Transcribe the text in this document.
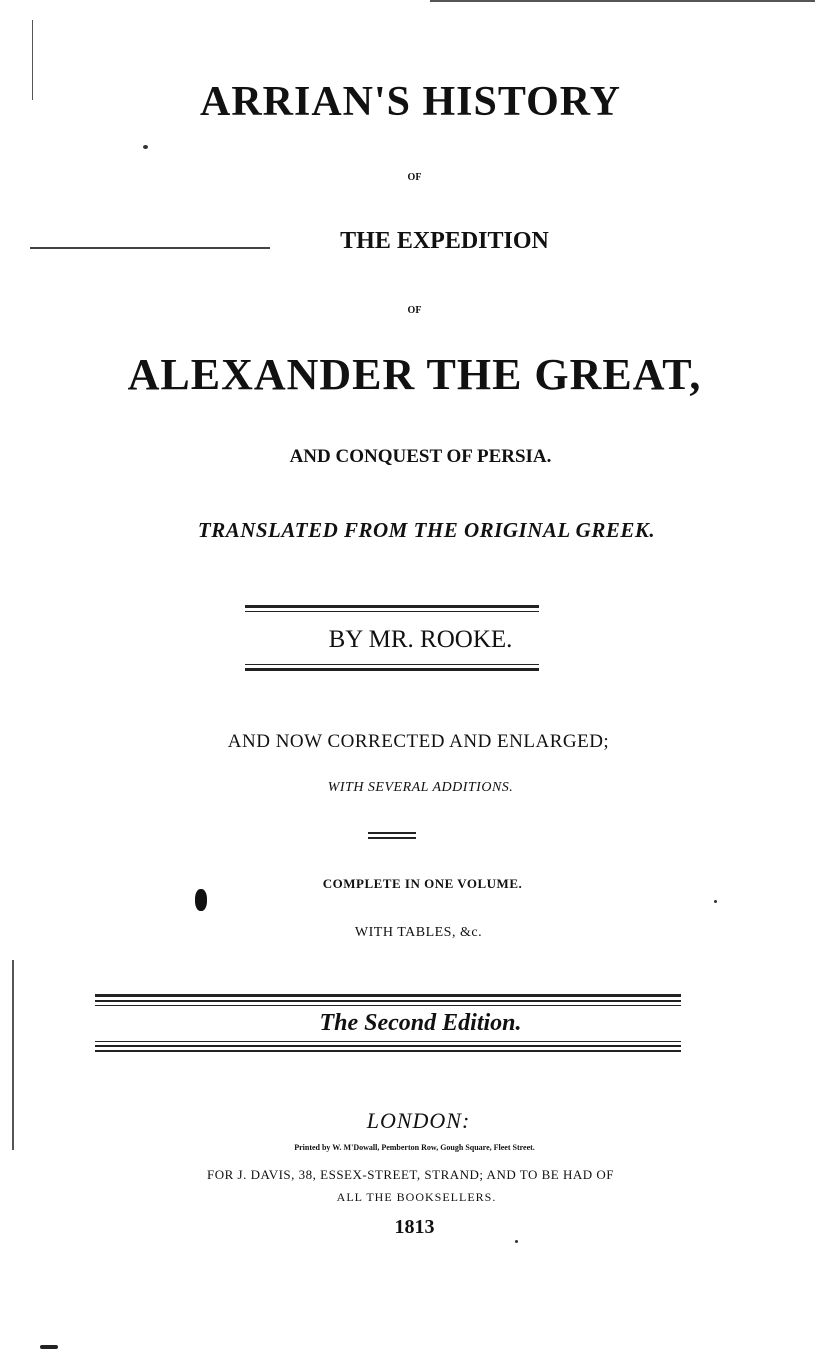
ARRIAN'S HISTORY
OF
THE EXPEDITION
OF
ALEXANDER THE GREAT,
AND CONQUEST OF PERSIA.
TRANSLATED FROM THE ORIGINAL GREEK.
BY MR. ROOKE.
AND NOW CORRECTED AND ENLARGED;
WITH SEVERAL ADDITIONS.
COMPLETE IN ONE VOLUME.
WITH TABLES, &c.
The Second Edition.
LONDON:
Printed by W. M'Dowall, Pemberton Row, Gough Square, Fleet Street.
FOR J. DAVIS, 38, ESSEX-STREET, STRAND; AND TO BE HAD OF
ALL THE BOOKSELLERS.
1813
